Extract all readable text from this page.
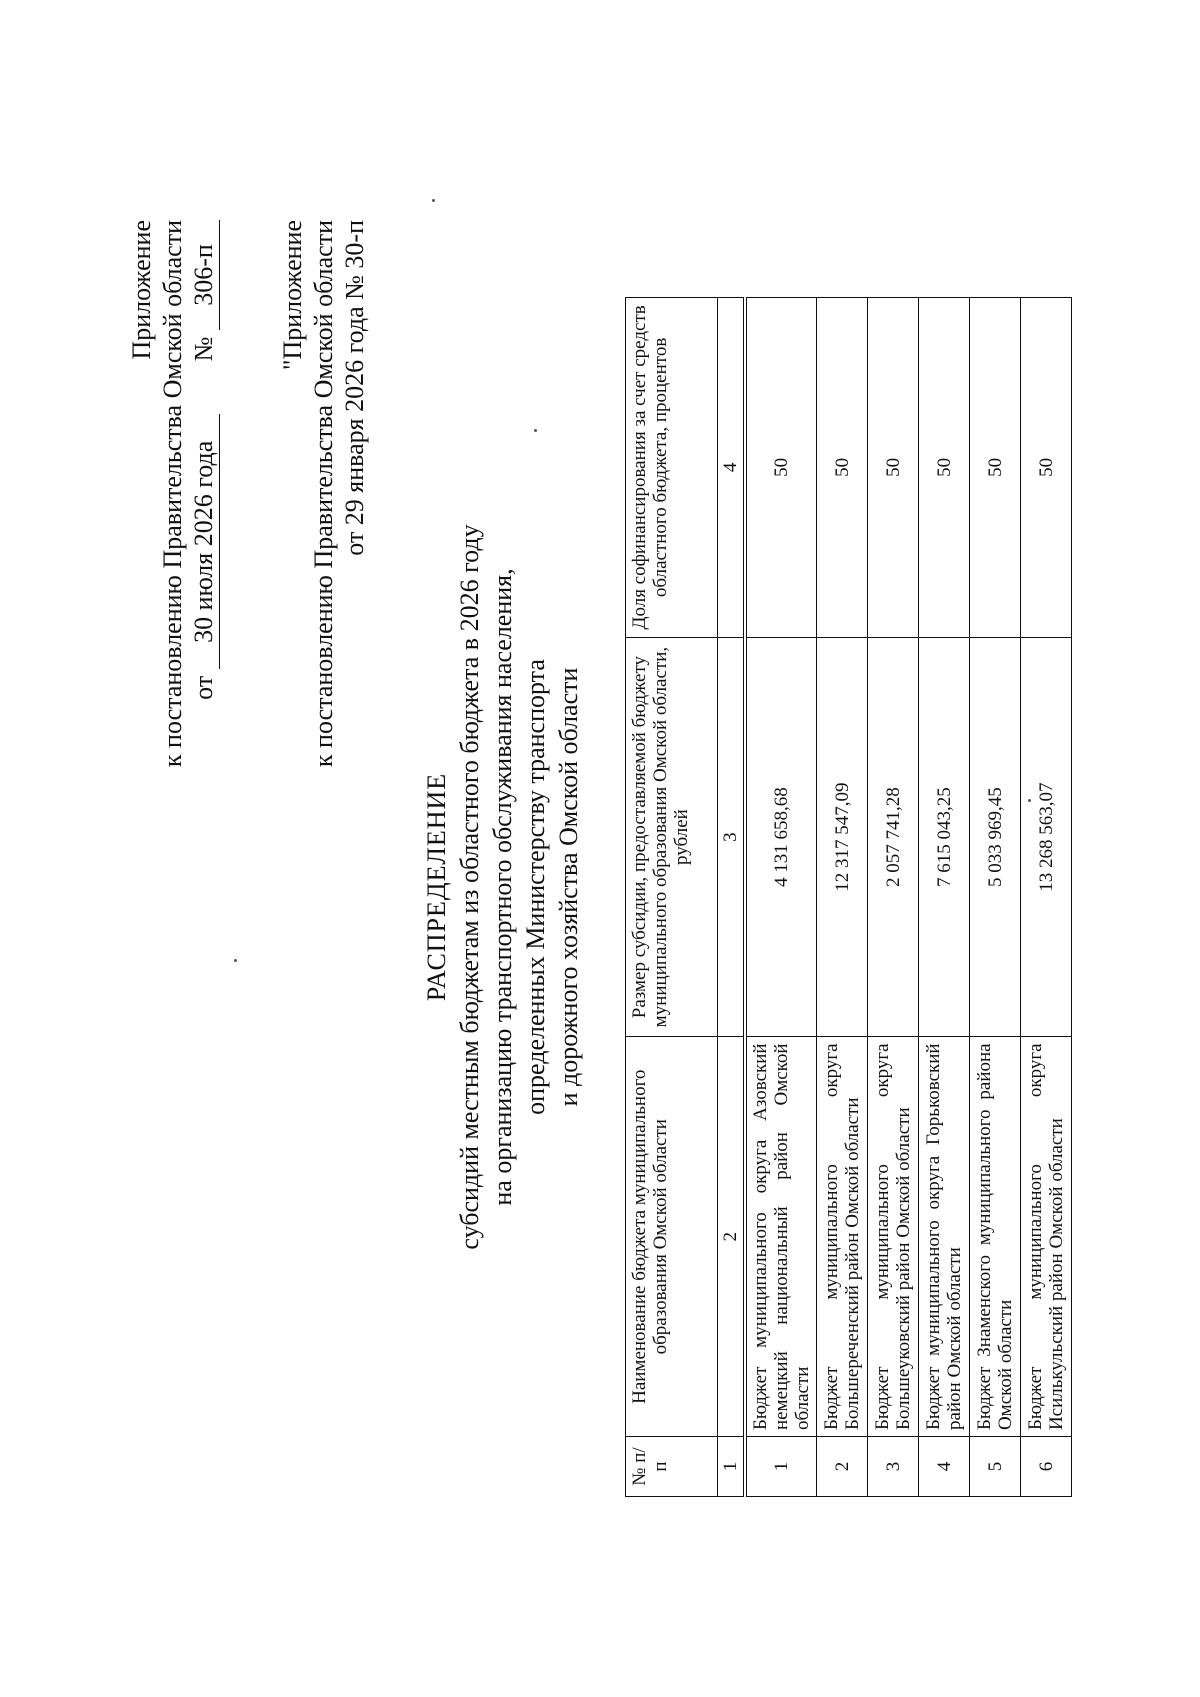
Приложение к постановлению Правительства Омской области от 30 июля 2026 года  № 306-п "Приложение к постановлению Правительства Омской области от 29 января 2026 года № 30-п
РАСПРЕДЕЛЕНИЕ субсидий местным бюджетам из областного бюджета в 2026 году на организацию транспортного обслуживания населения, определенных Министерству транспорта и дорожного хозяйства Омской области
№ п/п	Наименование бюджета муниципального образования Омской области	Размер субсидии, предоставляемой бюджету муниципального образования Омской области, рублей	Доля софинансирования за счет средств областного бюджета, процентов
1	2	3	4
1	Бюджет муниципального округа Азовский немецкий национальный район Омской области	4 131 658,68	50
2	Бюджет муниципального округа Большереченский район Омской области	12 317 547,09	50
3	Бюджет муниципального округа Большеуковский район Омской области	2 057 741,28	50
4	Бюджет муниципального округа Горьковский район Омской области	7 615 043,25	50
5	Бюджет Знаменского муниципального района Омской области	5 033 969,45	50
6	Бюджет муниципального округа Исилькульский район Омской области	13 268 563,07	50
